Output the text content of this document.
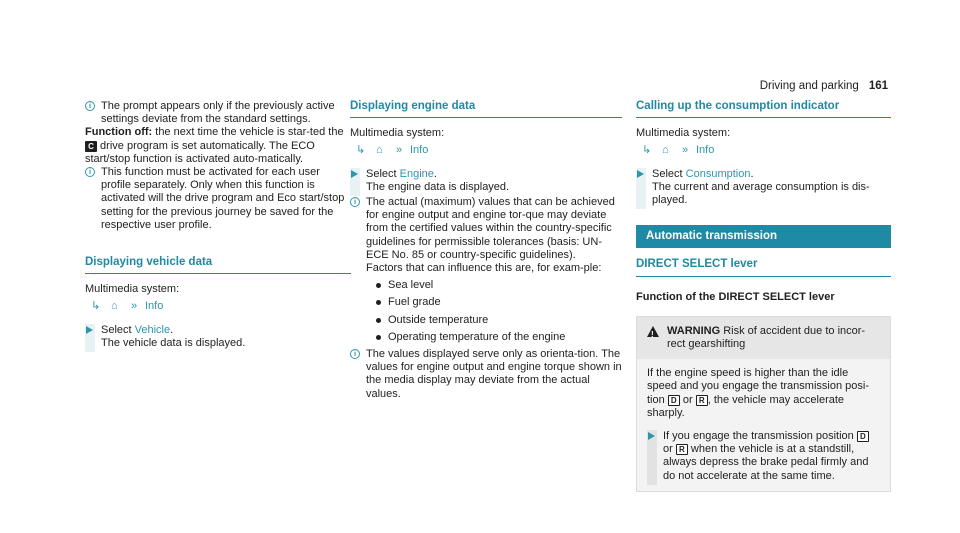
Driving and parking 161

i The prompt appears only if the previously active settings deviate from the standard settings.

Function off: the next time the vehicle is star-ted the C drive program is set automatically. The ECO start/stop function is activated auto-matically.

i This function must be activated for each user profile separately. Only when this function is activated will the drive program and Eco start/stop setting for the previous journey be saved for the respective user profile.

Displaying vehicle data

Multimedia system:

↳ ⌂ » Info

Select Vehicle.
The vehicle data is displayed.
Displaying engine data

Multimedia system:

↳ ⌂ » Info

Select Engine.
The engine data is displayed.

i The actual (maximum) values that can be achieved for engine output and engine tor-que may deviate from the certified values within the country-specific guidelines for permissible tolerances (basis: UN-ECE No. 85 or country-specific guidelines).

Factors that can influence this are, for exam-ple:

Sea level
Fuel grade
Outside temperature
Operating temperature of the engine

i The values displayed serve only as orienta-tion. The values for engine output and engine torque shown in the media display may deviate from the actual values.

Calling up the consumption indicator

Multimedia system:

↳ ⌂ » Info

Select Consumption.
The current and average consumption is dis-played.
Automatic transmission
DIRECT SELECT lever
Function of the DIRECT SELECT lever
! WARNING Risk of accident due to incor-rect gearshifting

If the engine speed is higher than the idle speed and you engage the transmission posi-tion D or R , the vehicle may accelerate sharply.

If you engage the transmission position D or R when the vehicle is at a standstill, always depress the brake pedal firmly and do not accelerate at the same time.
